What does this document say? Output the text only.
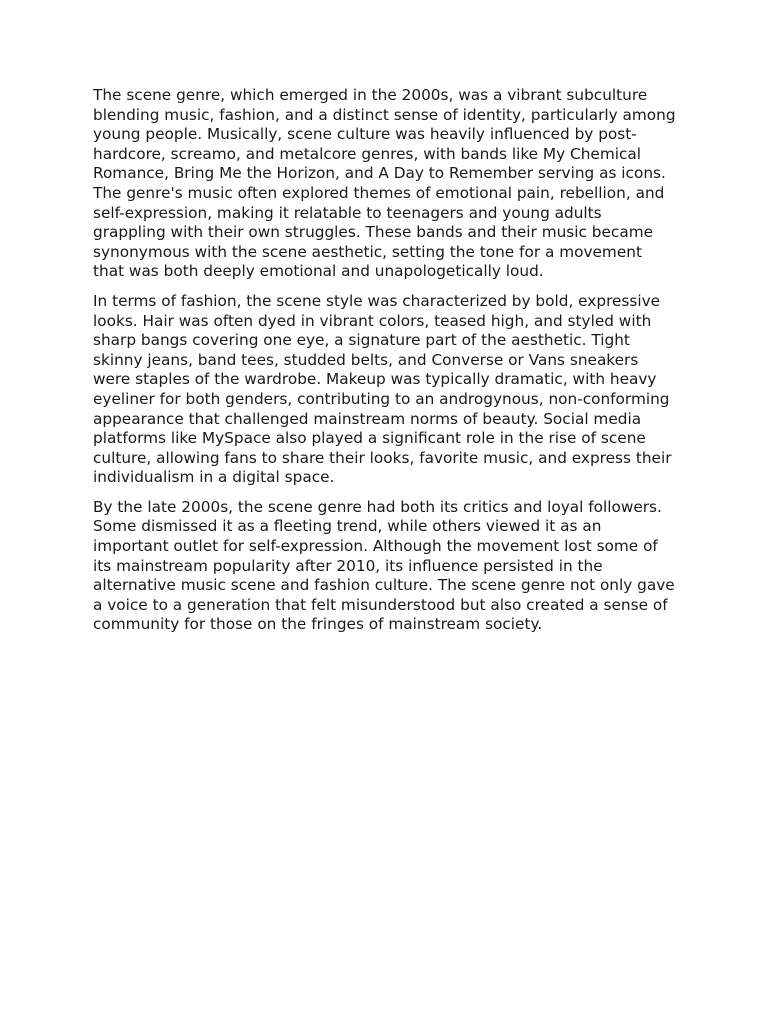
The scene genre, which emerged in the 2000s, was a vibrant subculture blending music, fashion, and a distinct sense of identity, particularly among young people. Musically, scene culture was heavily influenced by post-hardcore, screamo, and metalcore genres, with bands like My Chemical Romance, Bring Me the Horizon, and A Day to Remember serving as icons. The genre's music often explored themes of emotional pain, rebellion, and self-expression, making it relatable to teenagers and young adults grappling with their own struggles. These bands and their music became synonymous with the scene aesthetic, setting the tone for a movement that was both deeply emotional and unapologetically loud.

In terms of fashion, the scene style was characterized by bold, expressive looks. Hair was often dyed in vibrant colors, teased high, and styled with sharp bangs covering one eye, a signature part of the aesthetic. Tight skinny jeans, band tees, studded belts, and Converse or Vans sneakers were staples of the wardrobe. Makeup was typically dramatic, with heavy eyeliner for both genders, contributing to an androgynous, non-conforming appearance that challenged mainstream norms of beauty. Social media platforms like MySpace also played a significant role in the rise of scene culture, allowing fans to share their looks, favorite music, and express their individualism in a digital space.

By the late 2000s, the scene genre had both its critics and loyal followers. Some dismissed it as a fleeting trend, while others viewed it as an important outlet for self-expression. Although the movement lost some of its mainstream popularity after 2010, its influence persisted in the alternative music scene and fashion culture. The scene genre not only gave a voice to a generation that felt misunderstood but also created a sense of community for those on the fringes of mainstream society.
